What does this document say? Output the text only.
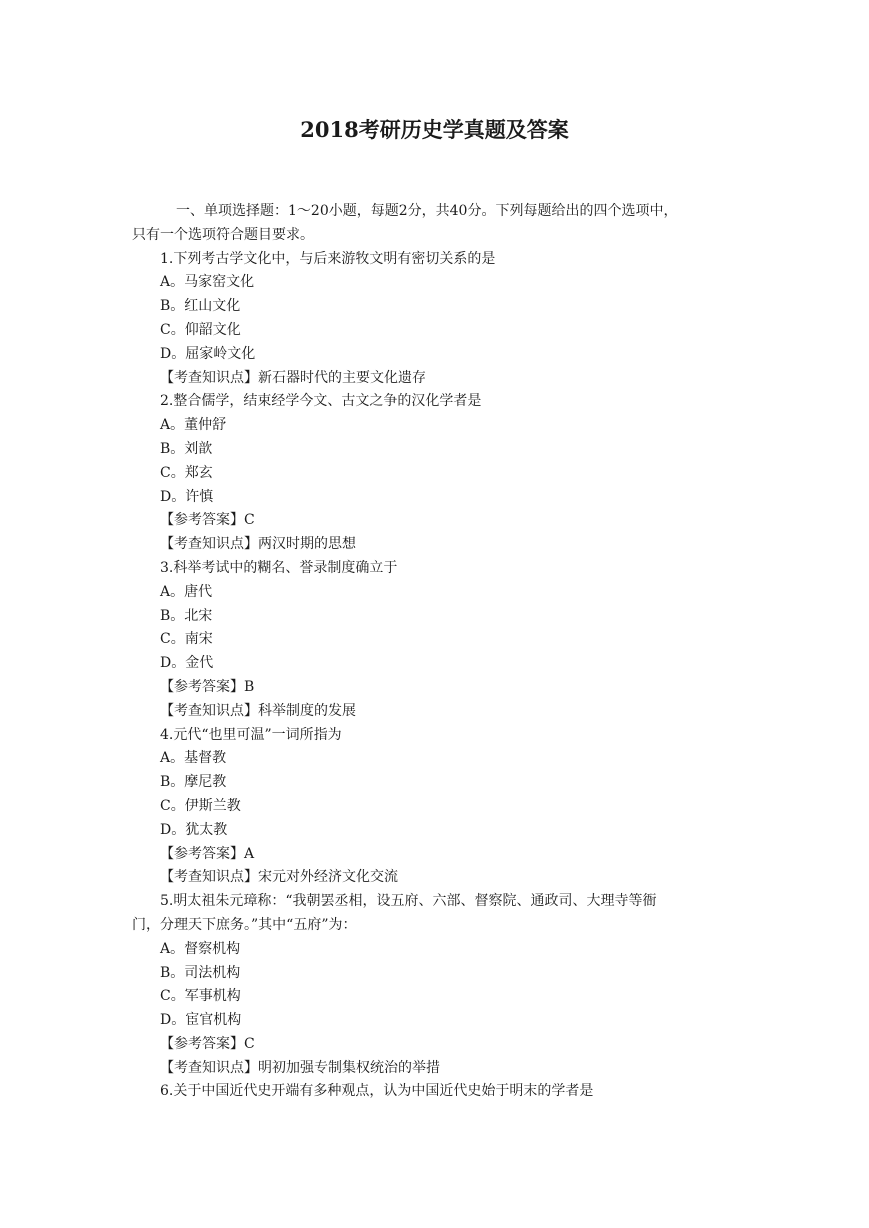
2018考研历史学真题及答案
一、单项选择题：1～20小题，每题2分，共40分。下列每题给出的四个选项中，
只有一个选项符合题目要求。
1.下列考古学文化中，与后来游牧文明有密切关系的是
A。马家窑文化
B。红山文化
C。仰韶文化
D。屈家岭文化
【考查知识点】新石器时代的主要文化遗存
2.整合儒学，结束经学今文、古文之争的汉化学者是
A。董仲舒
B。刘歆
C。郑玄
D。许慎
【参考答案】C
【考查知识点】两汉时期的思想
3.科举考试中的糊名、誉录制度确立于
A。唐代
B。北宋
C。南宋
D。金代
【参考答案】B
【考查知识点】科举制度的发展
4.元代“也里可温”一词所指为
A。基督教
B。摩尼教
C。伊斯兰教
D。犹太教
【参考答案】A
【考查知识点】宋元对外经济文化交流
5.明太祖朱元璋称：“我朝罢丞相，设五府、六部、督察院、通政司、大理寺等衙
门，分理天下庶务。”其中“五府”为：
A。督察机构
B。司法机构
C。军事机构
D。宦官机构
【参考答案】C
【考查知识点】明初加强专制集权统治的举措
6.关于中国近代史开端有多种观点，认为中国近代史始于明末的学者是
